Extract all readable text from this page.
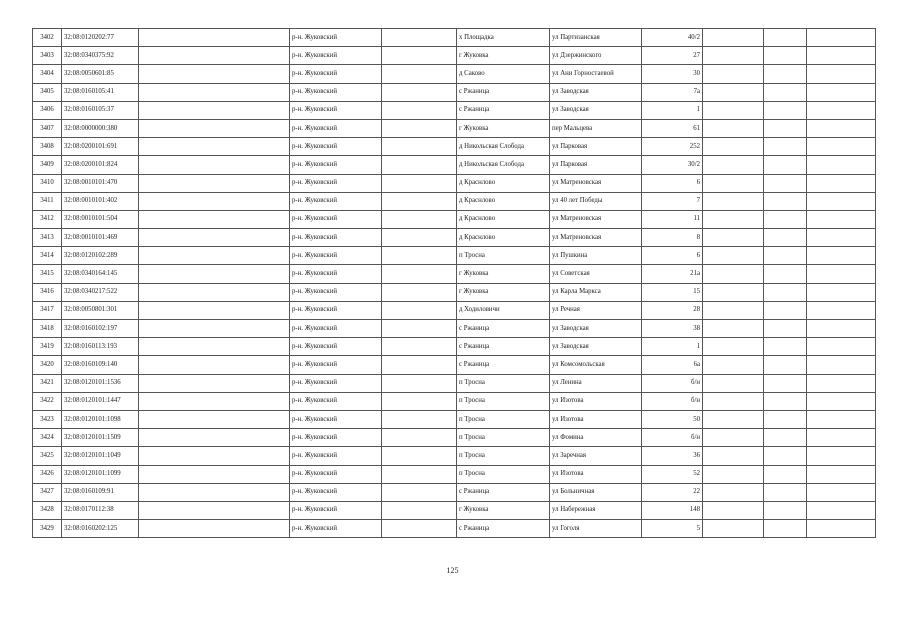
3402	32:08:0120202:77		р-н. Жуковский		х Площадка	ул Партизанская	40/2			
3403	32:08:0340375:92		р-н. Жуковский		г Жуковка	ул Дзержинского	27			
3404	32:08:0050601:85		р-н. Жуковский		д Саково	ул Ани Горностаевой	30			
3405	32:08:0160105:41		р-н. Жуковский		с Ржаница	ул Заводская	7а			
3406	32:08:0160105:37		р-н. Жуковский		с Ржаница	ул Заводская	1			
3407	32:08:0000000:380		р-н. Жуковский		г Жуковка	пер Мальцева	61			
3408	32:08:0200101:691		р-н. Жуковский		д Никольская Слобода	ул Парковая	252			
3409	32:08:0200101:824		р-н. Жуковский		д Никольская Слобода	ул Парковая	30/2			
3410	32:08:0010101:470		р-н. Жуковский		д Краснлово	ул Матреновская	6			
3411	32:08:0010101:402		р-н. Жуковский		д Краснлово	ул 40 лет Победы	7			
3412	32:08:0010101:504		р-н. Жуковский		д Краснлово	ул Матреновская	11			
3413	32:08:0010101:469		р-н. Жуковский		д Краснлово	ул Матреновская	8			
3414	32:08:0120102:289		р-н. Жуковский		п Тросна	ул Пушкина	6			
3415	32:08:0340164:145		р-н. Жуковский		г Жуковка	ул Советская	21а			
3416	32:08:0340217:522		р-н. Жуковский		г Жуковка	ул Карла Маркса	15			
3417	32:08:0050801:301		р-н. Жуковский		д Ходиловичи	ул Речная	28			
3418	32:08:0160102:197		р-н. Жуковский		с Ржаница	ул Заводская	38			
3419	32:08:0160113:193		р-н. Жуковский		с Ржаница	ул Заводская	1			
3420	32:08:0160109:140		р-н. Жуковский		с Ржаница	ул Комсомольская	6а			
3421	32:08:0120101:1536		р-н. Жуковский		п Тросна	ул Ленина	б/н			
3422	32:08:0120101:1447		р-н. Жуковский		п Тросна	ул Изотова	б/н			
3423	32:08:0120101:1098		р-н. Жуковский		п Тросна	ул Изотова	50			
3424	32:08:0120101:1509		р-н. Жуковский		п Тросна	ул Фомина	б/н			
3425	32:08:0120101:1049		р-н. Жуковский		п Тросна	ул Заречная	36			
3426	32:08:0120101:1099		р-н. Жуковский		п Тросна	ул Изотова	52			
3427	32:08:0160109:91		р-н. Жуковский		с Ржаница	ул Больничная	22			
3428	32:08:0170112:38		р-н. Жуковский		г Жуковка	ул Набережная	148			
3429	32:08:0160202:125		р-н. Жуковский		с Ржаница	ул Гоголя	5			
125
